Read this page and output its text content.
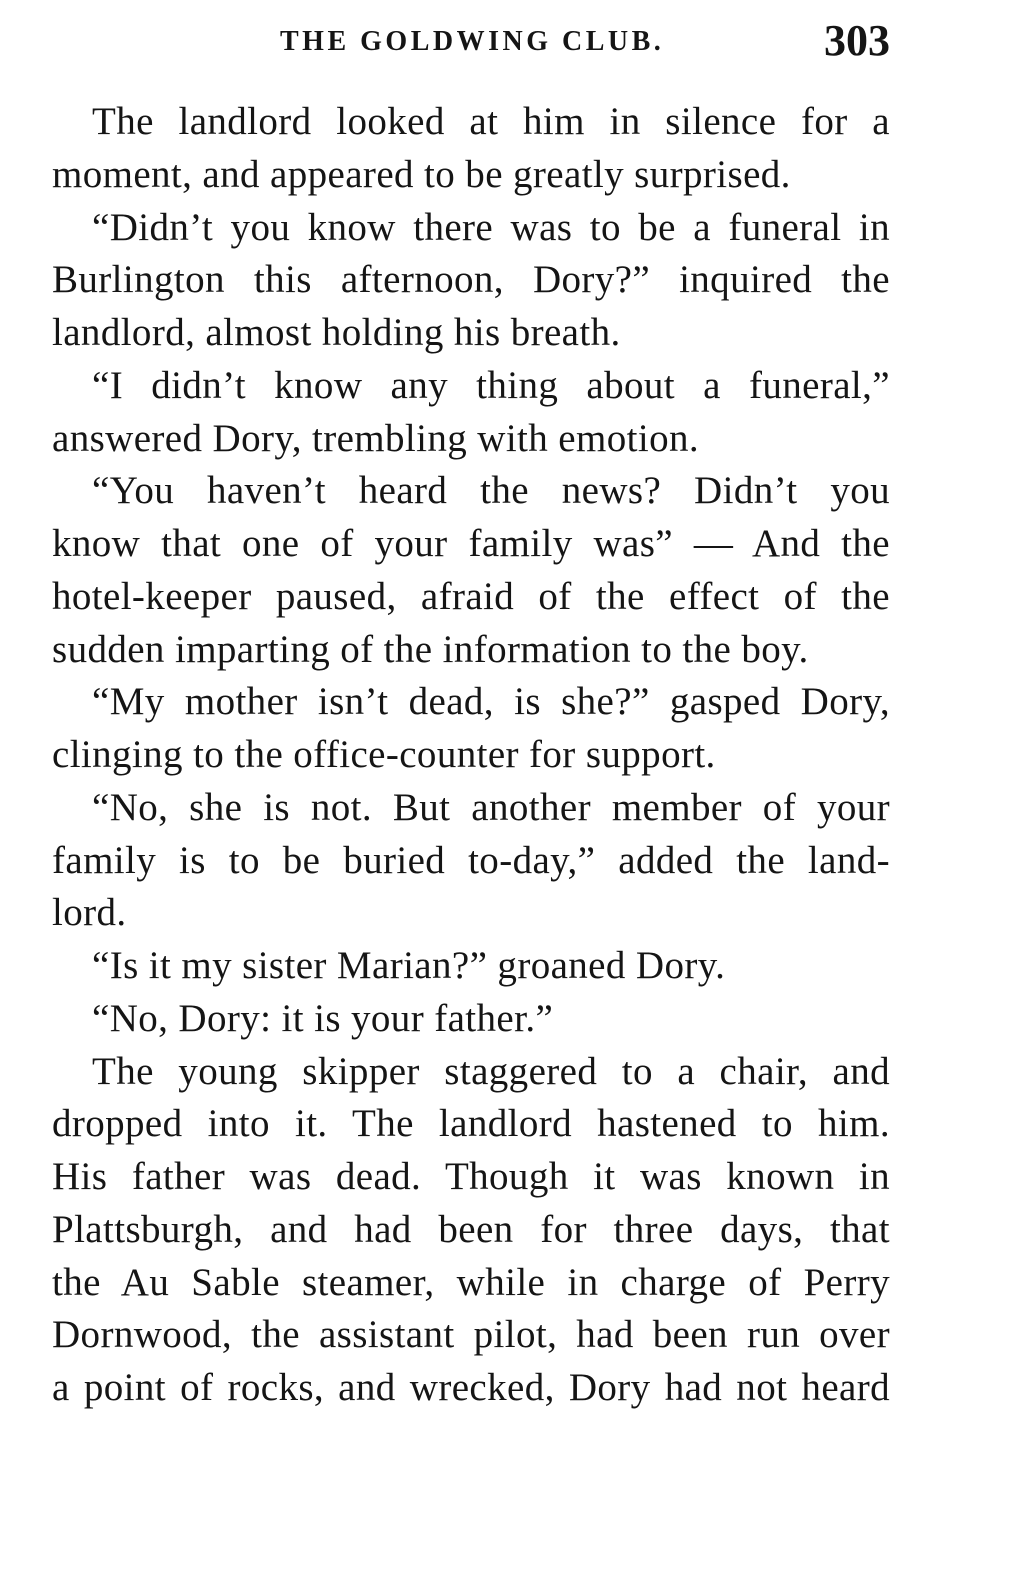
THE GOLDWING CLUB.	303
The landlord looked at him in silence for a
moment, and appeared to be greatly surprised.
“Didn’t you know there was to be a funeral in
Burlington this afternoon, Dory?” inquired the
landlord, almost holding his breath.
“I didn’t know any thing about a funeral,”
answered Dory, trembling with emotion.
“You haven’t heard the news? Didn’t you
know that one of your family was” — And the
hotel-keeper paused, afraid of the effect of the
sudden imparting of the information to the boy.
“My mother isn’t dead, is she?” gasped Dory,
clinging to the office-counter for support.
“No, she is not. But another member of your
family is to be buried to-day,” added the land-
lord.
“Is it my sister Marian?” groaned Dory.
“No, Dory: it is your father.”
The young skipper staggered to a chair, and
dropped into it. The landlord hastened to him.
His father was dead. Though it was known in
Plattsburgh, and had been for three days, that
the Au Sable steamer, while in charge of Perry
Dornwood, the assistant pilot, had been run over
a point of rocks, and wrecked, Dory had not heard
